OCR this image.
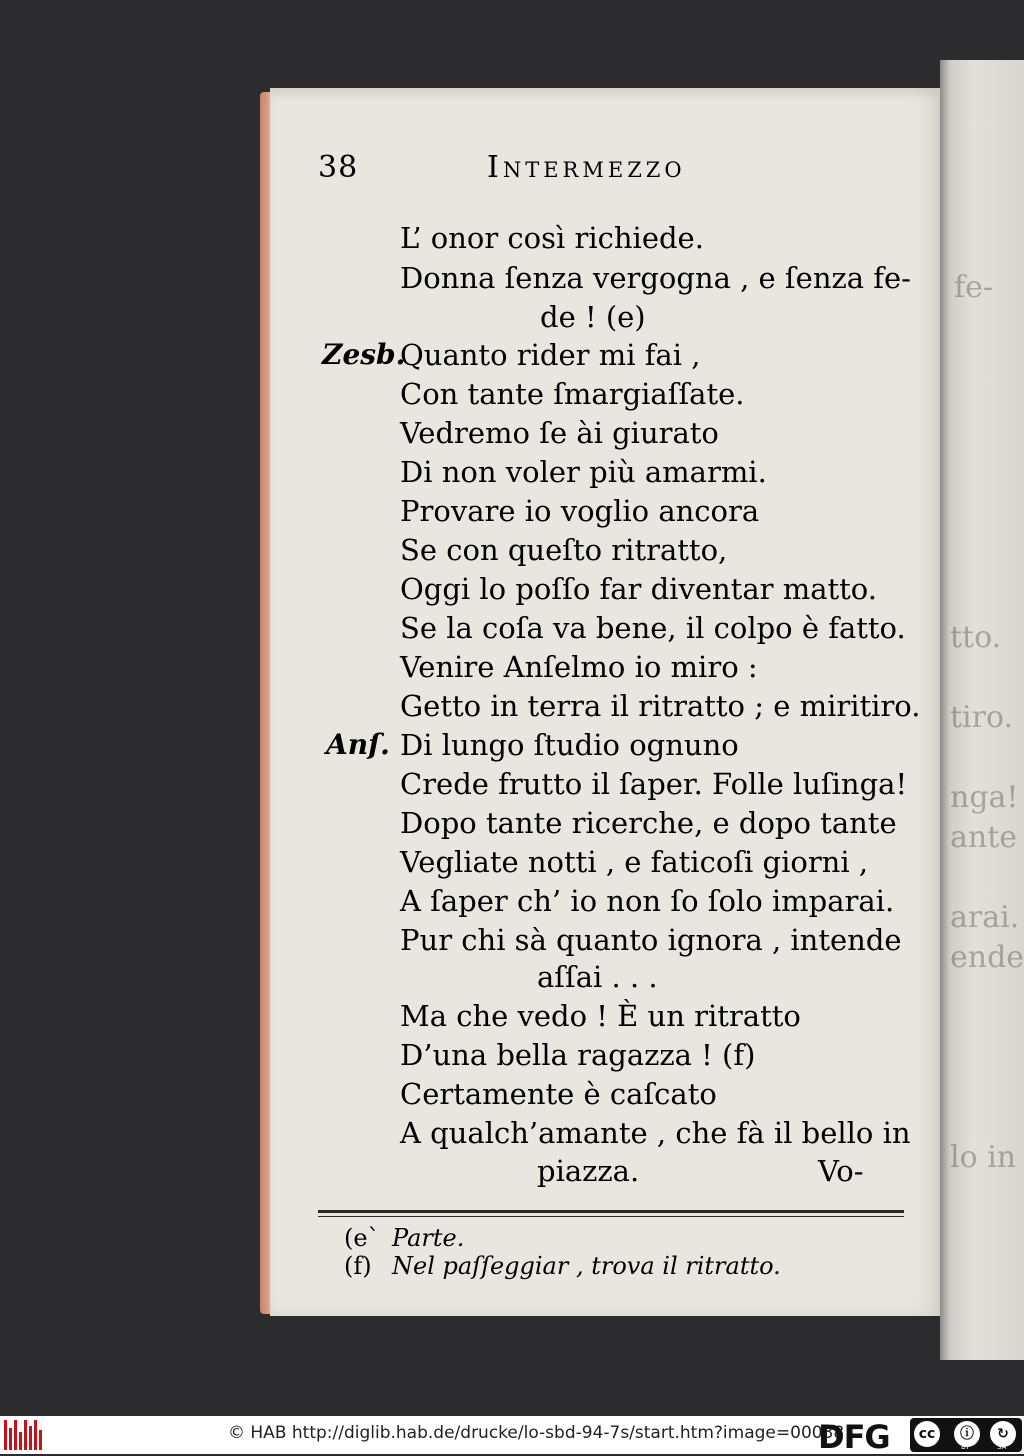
fe-
tto.
tiro.
nga!
ante
arai.
ende
lo in
38	Intermezzo
L’ onor così richiede.
Donna ſenza vergogna , e ſenza fe-
de ! (e)
Quanto rider mi fai ,
Con tante ſmargiaſſate.
Vedremo ſe ài giurato
Di non voler più amarmi.
Provare io voglio ancora
Se con queſto ritratto,
Oggi lo poſſo far diventar matto.
Se la coſa va bene, il colpo è fatto.
Venire Anſelmo io miro :
Getto in terra il ritratto ; e miritiro.
Di lungo ſtudio ognuno
Crede frutto il ſaper. Folle luſinga!
Dopo tante ricerche, e dopo tante
Vegliate notti , e faticoſi giorni ,
A ſaper ch’ io non ſo ſolo imparai.
Pur chi sà quanto ignora , intende
aſſai . . .
Ma che vedo ! È un ritratto
D’una bella ragazza ! (f)
Certamente è caſcato
A qualch’amante , che fà il bello in
piazza.	Vo-
Zesb.
Anſ.
(e` Parte.
(f) Nel paſſeggiar , trova il ritratto.
© HAB http://diglib.hab.de/drucke/lo-sbd-94-7s/start.htm?image=00038
DFG	cc	ⓘ	↻
BY	SA
